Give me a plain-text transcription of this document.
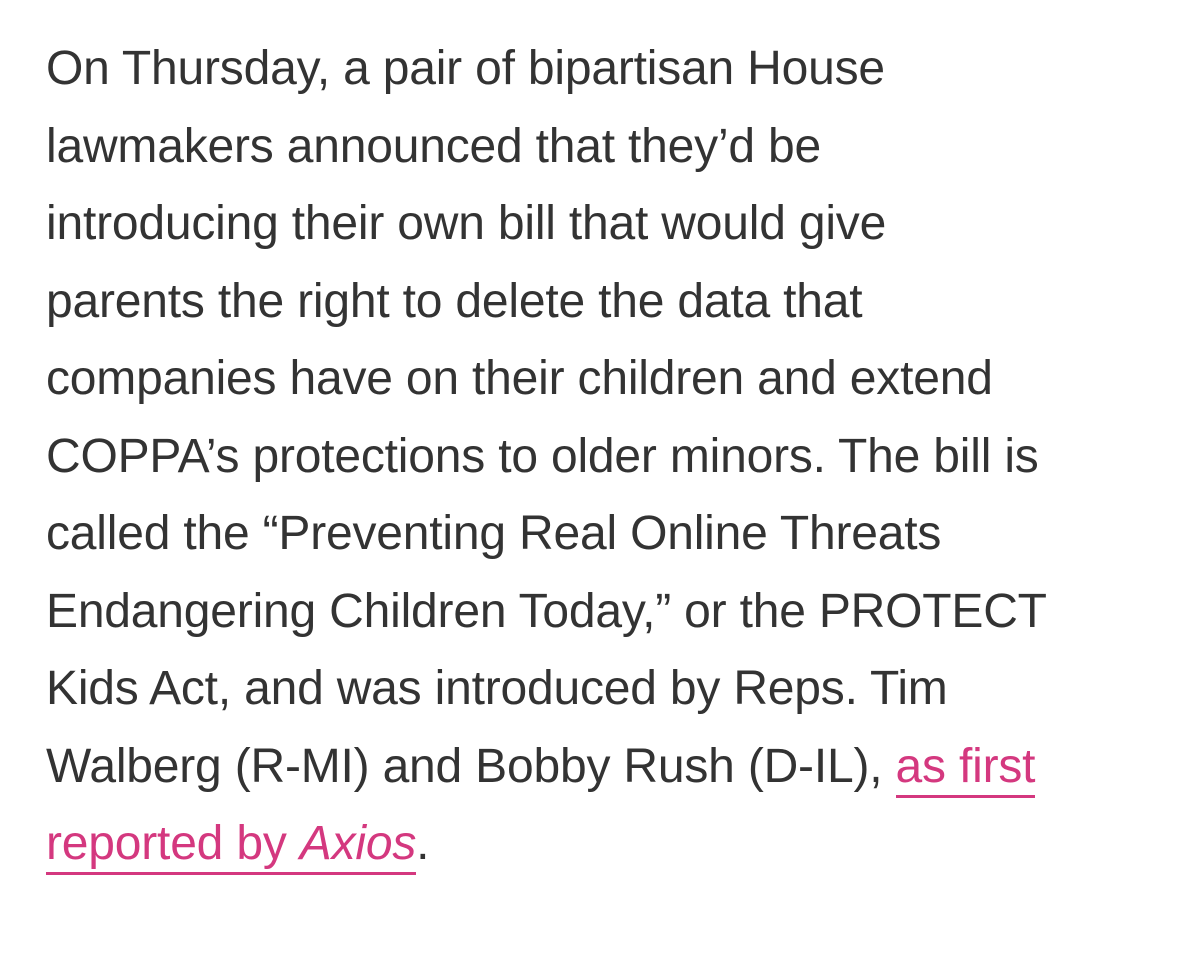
On Thursday, a pair of bipartisan House
lawmakers announced that they’d be
introducing their own bill that would give
parents the right to delete the data that
companies have on their children and extend
COPPA’s protections to older minors. The bill is
called the “Preventing Real Online Threats
Endangering Children Today,” or the PROTECT
Kids Act, and was introduced by Reps. Tim
Walberg (R-MI) and Bobby Rush (D-IL), as first
reported by Axios.
